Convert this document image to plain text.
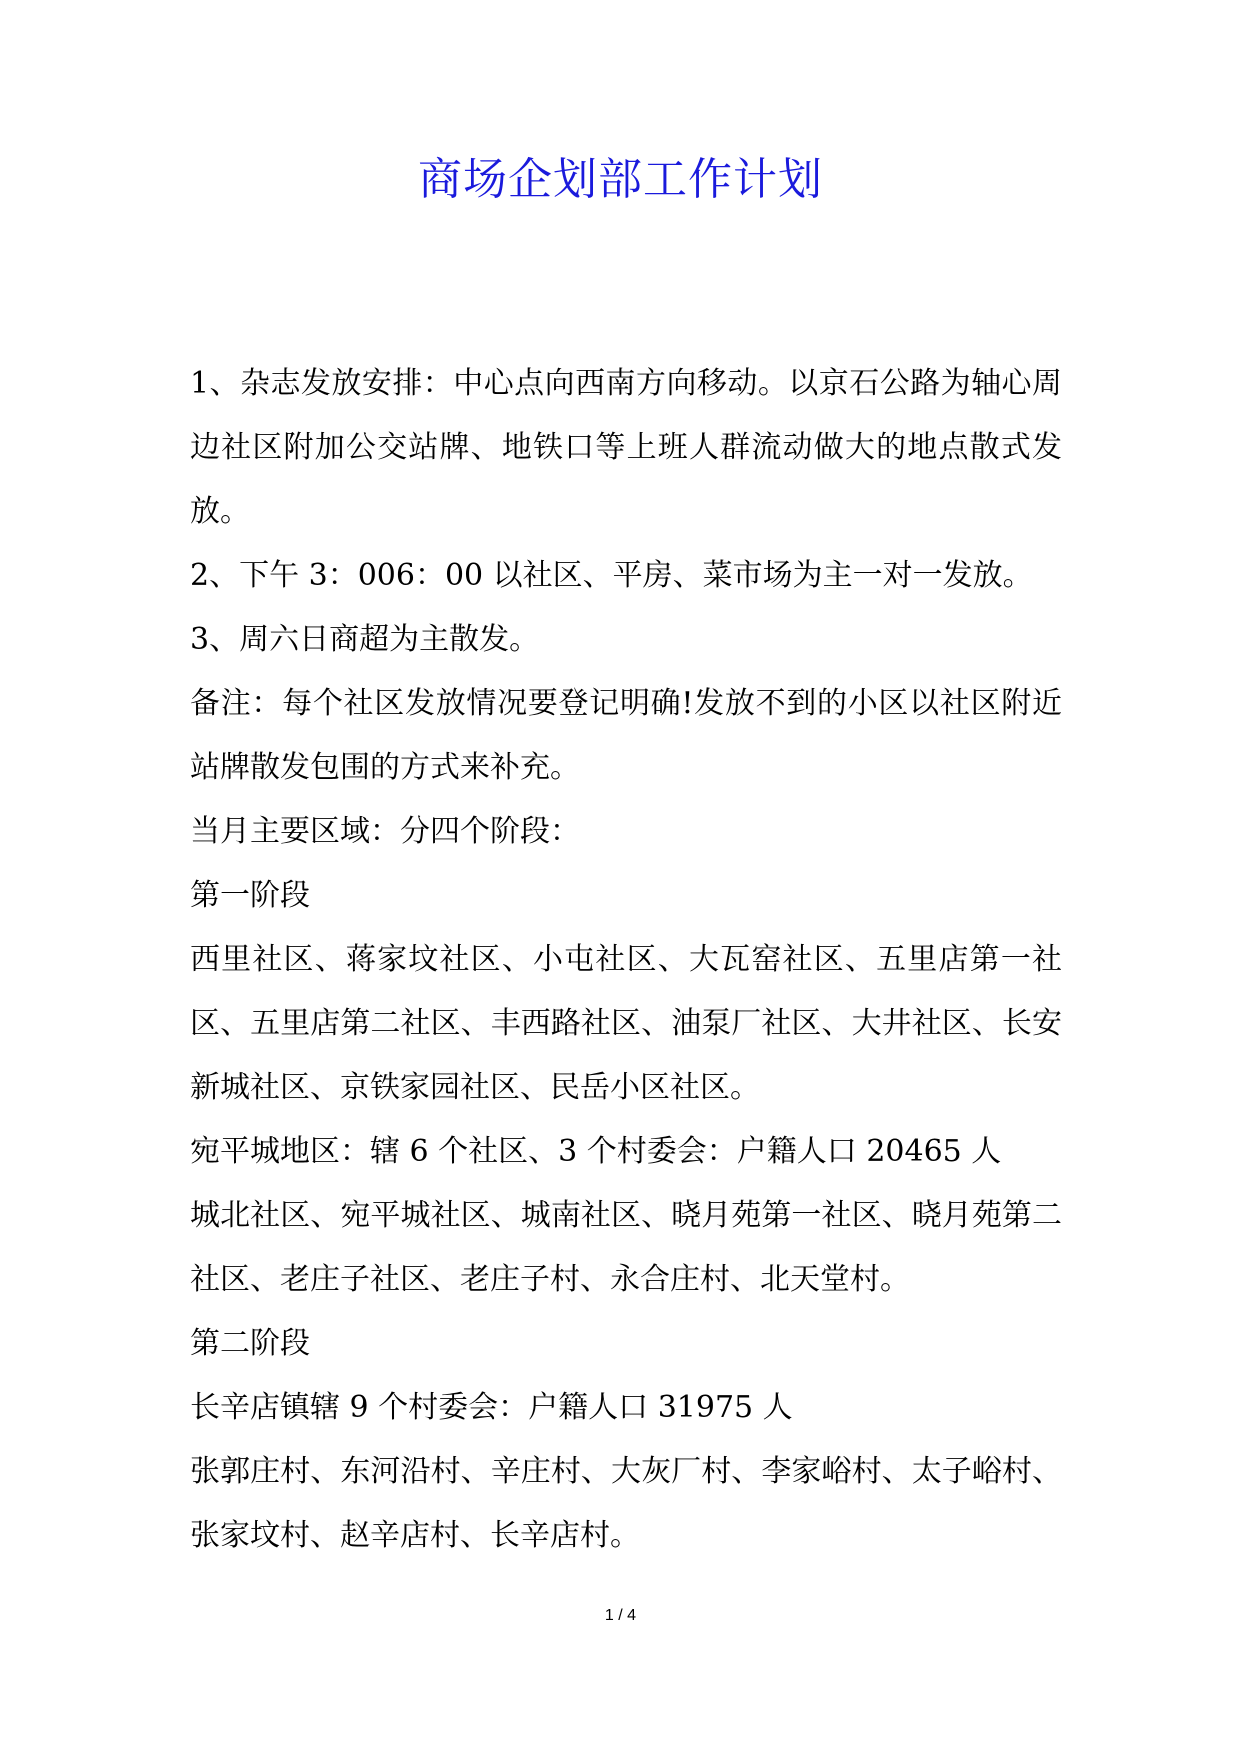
商场企划部工作计划

1、杂志发放安排：中心点向西南方向移动。以京石公路为轴心周边社区附加公交站牌、地铁口等上班人群流动做大的地点散式发放。

2、下午 3：006：00 以社区、平房、菜市场为主一对一发放。

3、周六日商超为主散发。

备注：每个社区发放情况要登记明确!发放不到的小区以社区附近站牌散发包围的方式来补充。

当月主要区域：分四个阶段：

第一阶段

西里社区、蒋家坟社区、小屯社区、大瓦窑社区、五里店第一社区、五里店第二社区、丰西路社区、油泵厂社区、大井社区、长安新城社区、京铁家园社区、民岳小区社区。

宛平城地区：辖 6 个社区、3 个村委会：户籍人口 20465 人

城北社区、宛平城社区、城南社区、晓月苑第一社区、晓月苑第二社区、老庄子社区、老庄子村、永合庄村、北天堂村。

第二阶段

长辛店镇辖 9 个村委会：户籍人口 31975 人

张郭庄村、东河沿村、辛庄村、大灰厂村、李家峪村、太子峪村、张家坟村、赵辛店村、长辛店村。

1 / 4
